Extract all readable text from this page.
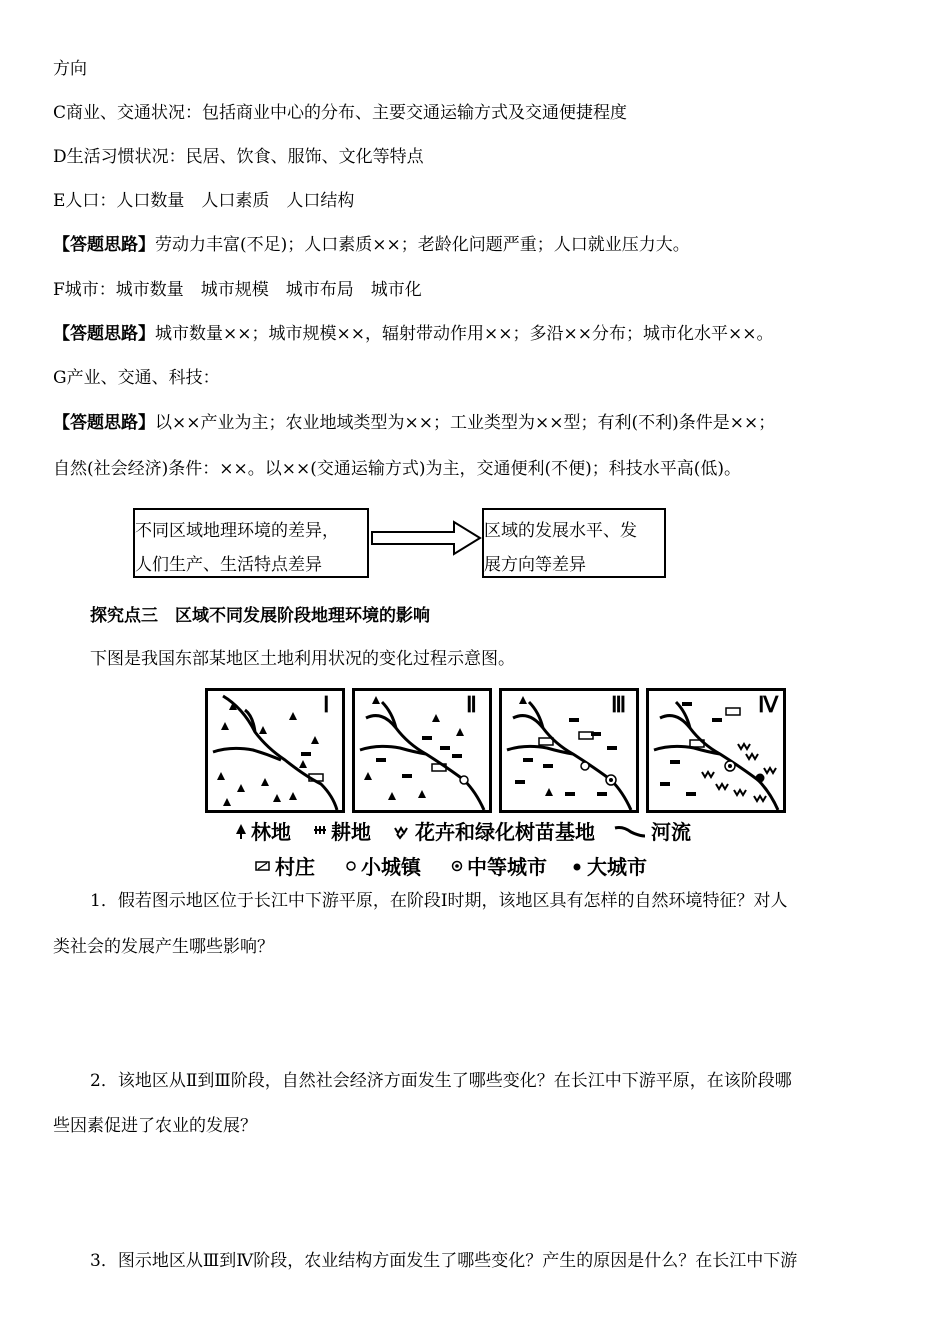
方向
C商业、交通状况：包括商业中心的分布、主要交通运输方式及交通便捷程度
D生活习惯状况：民居、饮食、服饰、文化等特点
E人口：人口数量　人口素质　人口结构
【答题思路】劳动力丰富(不足)；人口素质××；老龄化问题严重；人口就业压力大。
F城市：城市数量　城市规模　城市布局　城市化
【答题思路】城市数量××；城市规模××，辐射带动作用××；多沿××分布；城市化水平××。
G产业、交通、科技：
【答题思路】以××产业为主；农业地域类型为××；工业类型为××型；有利(不利)条件是××；
自然(社会经济)条件：××。以××(交通运输方式)为主，交通便利(不便)；科技水平高(低)。
不同区域地理环境的差异，
人们生产、生活特点差异
区域的发展水平、发
展方向等差异
探究点三　区域不同发展阶段地理环境的影响
下图是我国东部某地区土地利用状况的变化过程示意图。
Ⅰ	Ⅱ	Ⅲ	Ⅳ
林地 耕地 花卉和绿化树苗基地	河流
村庄 小城镇 中等城市 大城市
1．假若图示地区位于长江中下游平原，在阶段Ⅰ时期，该地区具有怎样的自然环境特征？对人
类社会的发展产生哪些影响？
2．该地区从Ⅱ到Ⅲ阶段，自然社会经济方面发生了哪些变化？在长江中下游平原，在该阶段哪
些因素促进了农业的发展？
3．图示地区从Ⅲ到Ⅳ阶段，农业结构方面发生了哪些变化？产生的原因是什么？在长江中下游
